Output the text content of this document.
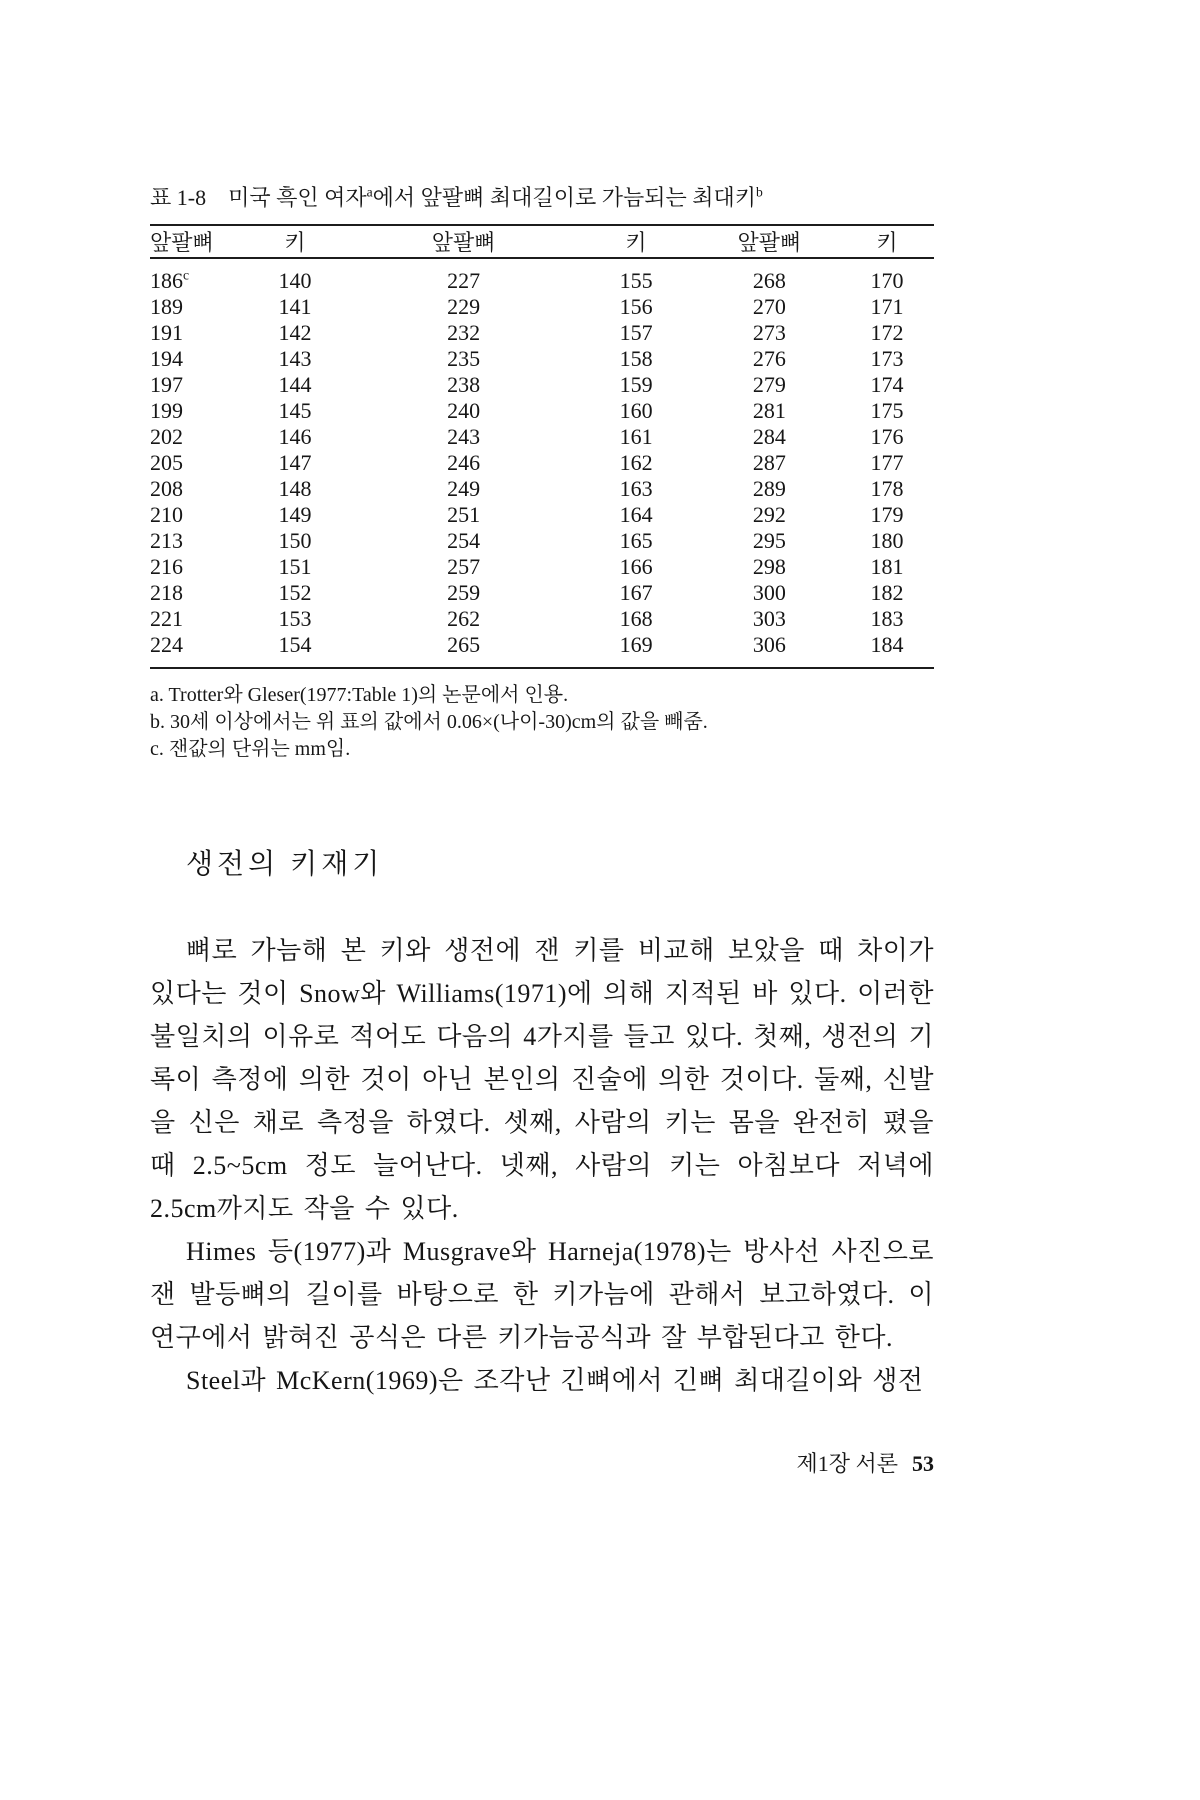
표 1-8 미국 흑인 여자$^a$에서 앞팔뼈 최대길이로 가늠되는 최대키$^b$
앞팔뼈	키	앞팔뼈	키	앞팔뼈	키
186$^c$	140	227	155	268	170
189	141	229	156	270	171
191	142	232	157	273	172
194	143	235	158	276	173
197	144	238	159	279	174
199	145	240	160	281	175
202	146	243	161	284	176
205	147	246	162	287	177
208	148	249	163	289	178
210	149	251	164	292	179
213	150	254	165	295	180
216	151	257	166	298	181
218	152	259	167	300	182
221	153	262	168	303	183
224	154	265	169	306	184
a. Trotter와 Gleser(1977:Table 1)의 논문에서 인용.
b. 30세 이상에서는 위 표의 값에서 0.06×(나이-30)cm의 값을 빼줌.
c. 잰값의 단위는 mm임.
생전의 키재기

뼈로 가늠해 본 키와 생전에 잰 키를 비교해 보았을 때 차이가 있다는 것이 Snow와 Williams(1971)에 의해 지적된 바 있다. 이러한 불일치의 이유로 적어도 다음의 4가지를 들고 있다. 첫째, 생전의 기록이 측정에 의한 것이 아닌 본인의 진술에 의한 것이다. 둘째, 신발을 신은 채로 측정을 하였다. 셋째, 사람의 키는 몸을 완전히 폈을 때 2.5~5cm 정도 늘어난다. 넷째, 사람의 키는 아침보다 저녁에 2.5cm까지도 작을 수 있다.

Himes 등(1977)과 Musgrave와 Harneja(1978)는 방사선 사진으로 잰 발등뼈의 길이를 바탕으로 한 키가늠에 관해서 보고하였다. 이 연구에서 밝혀진 공식은 다른 키가늠공식과 잘 부합된다고 한다.

Steel과 McKern(1969)은 조각난 긴뼈에서 긴뼈 최대길이와 생전

제1장 서론 53
